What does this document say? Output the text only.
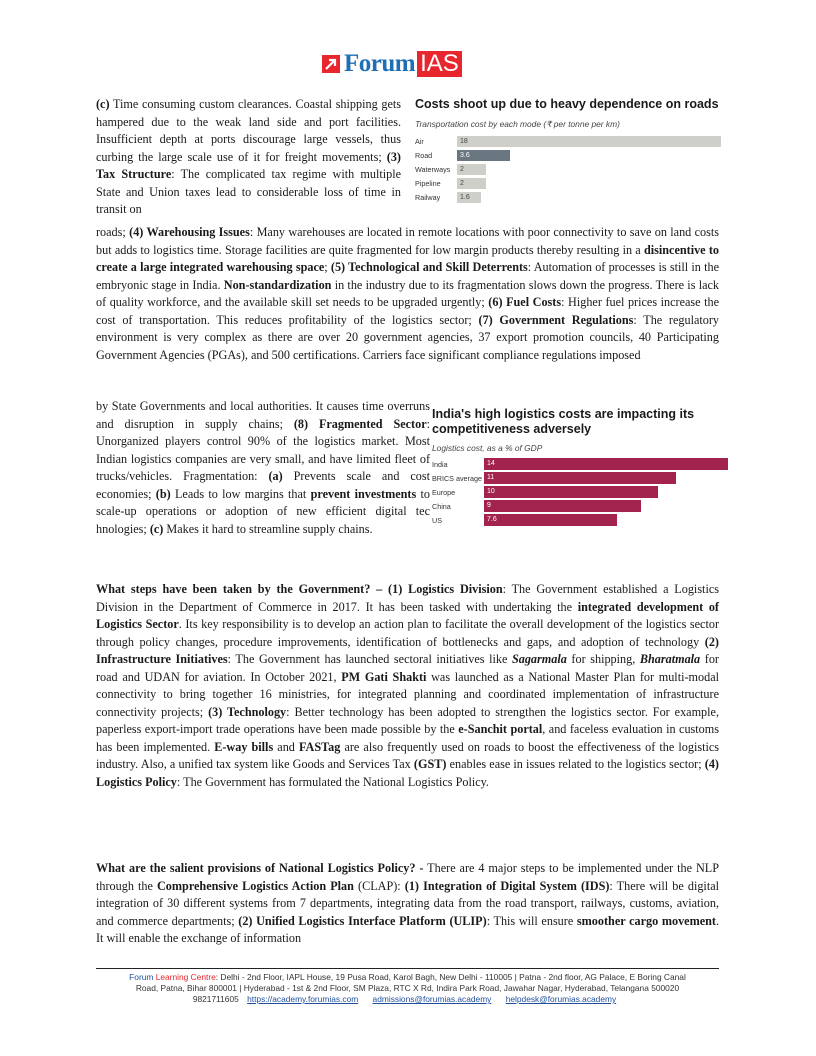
Forum IAS
(c) Time consuming custom clearances. Coastal shipping gets hampered due to the weak land side and port facilities. Insufficient depth at ports discourage large vessels, thus curbing the large scale use of it for freight movements; (3) Tax Structure: The complicated tax regime with multiple State and Union taxes lead to considerable loss of time in transit on
Costs shoot up due to heavy dependence on roads
Transportation cost by each mode (₹ per tonne per km)
Air	18
Road	3.6
Waterways	2
Pipeline	2
Railway	1.6
roads; (4) Warehousing Issues: Many warehouses are located in remote locations with poor connectivity to save on land costs but adds to logistics time. Storage facilities are quite fragmented for low margin products thereby resulting in a disincentive to create a large integrated warehousing space; (5) Technological and Skill Deterrents: Automation of processes is still in the embryonic stage in India. Non-standardization in the industry due to its fragmentation slows down the progress. There is lack of quality workforce, and the available skill set needs to be upgraded urgently; (6) Fuel Costs: Higher fuel prices increase the cost of transportation. This reduces profitability of the logistics sector; (7) Government Regulations: The regulatory environment is very complex as there are over 20 government agencies, 37 export promotion councils, 40 Participating Government Agencies (PGAs), and 500 certifications. Carriers face significant compliance regulations imposed
by State Governments and local authorities. It causes time overruns and disruption in supply chains; (8) Fragmented Sector: Unorganized players control 90% of the logistics market. Most Indian logistics companies are very small, and have limited fleet of trucks/vehicles. Fragmentation: (a) Prevents scale and cost economies; (b) Leads to low margins that prevent investments to scale-up operations or adoption of new efficient digital tec hnologies; (c) Makes it hard to streamline supply chains.
India's high logistics costs are impacting its competitiveness adversely
Logistics cost, as a % of GDP
India	14
BRICS average 11
Europe	10
China	9
US	7.6
What steps have been taken by the Government? – (1) Logistics Division: The Government established a Logistics Division in the Department of Commerce in 2017. It has been tasked with undertaking the integrated development of Logistics Sector. Its key responsibility is to develop an action plan to facilitate the overall development of the logistics sector through policy changes, procedure improvements, identification of bottlenecks and gaps, and adoption of technology (2) Infrastructure Initiatives: The Government has launched sectoral initiatives like Sagarmala for shipping, Bharatmala for road and UDAN for aviation. In October 2021, PM Gati Shakti was launched as a National Master Plan for multi-modal connectivity to bring together 16 ministries, for integrated planning and coordinated implementation of infrastructure connectivity projects; (3) Technology: Better technology has been adopted to strengthen the logistics sector. For example, paperless export-import trade operations have been made possible by the e-Sanchit portal, and faceless evaluation in customs has been implemented. E-way bills and FASTag are also frequently used on roads to boost the effectiveness of the logistics industry. Also, a unified tax system like Goods and Services Tax (GST) enables ease in issues related to the logistics sector; (4) Logistics Policy: The Government has formulated the National Logistics Policy.
What are the salient provisions of National Logistics Policy? - There are 4 major steps to be implemented under the NLP through the Comprehensive Logistics Action Plan (CLAP): (1) Integration of Digital System (IDS): There will be digital integration of 30 different systems from 7 departments, integrating data from the road transport, railways, customs, aviation, and commerce departments; (2) Unified Logistics Interface Platform (ULIP): This will ensure smoother cargo movement. It will enable the exchange of information
Forum Learning Centre: Delhi - 2nd Floor, IAPL House, 19 Pusa Road, Karol Bagh, New Delhi - 110005 | Patna - 2nd floor, AG Palace, E Boring Canal
Road, Patna, Bihar 800001 | Hyderabad - 1st & 2nd Floor, SM Plaza, RTC X Rd, Indira Park Road, Jawahar Nagar, Hyderabad, Telangana 500020
9821711605 https://academy.forumias.com admissions@forumias.academy helpdesk@forumias.academy
